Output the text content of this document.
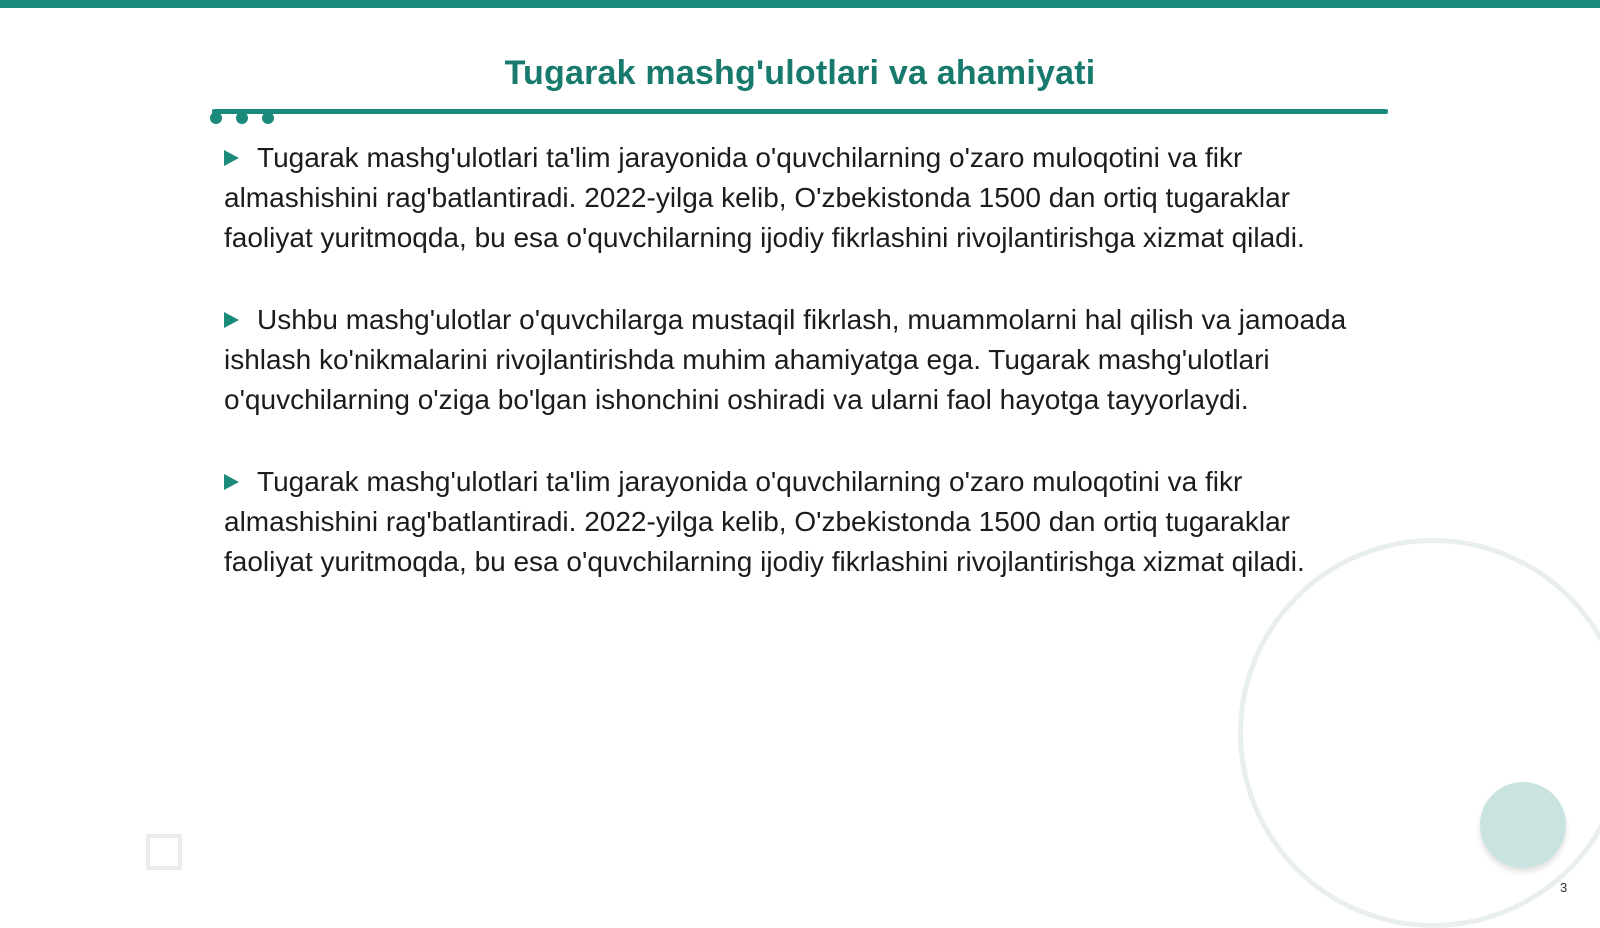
Tugarak mashg'ulotlari va ahamiyati

Tugarak mashg'ulotlari ta'lim jarayonida o'quvchilarning o'zaro muloqotini va fikr almashishini rag'batlantiradi. 2022-yilga kelib, O'zbekistonda 1500 dan ortiq tugaraklar faoliyat yuritmoqda, bu esa o'quvchilarning ijodiy fikrlashini rivojlantirishga xizmat qiladi.

Ushbu mashg'ulotlar o'quvchilarga mustaqil fikrlash, muammolarni hal qilish va jamoada ishlash ko'nikmalarini rivojlantirishda muhim ahamiyatga ega. Tugarak mashg'ulotlari o'quvchilarning o'ziga bo'lgan ishonchini oshiradi va ularni faol hayotga tayyorlaydi.

Tugarak mashg'ulotlari ta'lim jarayonida o'quvchilarning o'zaro muloqotini va fikr almashishini rag'batlantiradi. 2022-yilga kelib, O'zbekistonda 1500 dan ortiq tugaraklar faoliyat yuritmoqda, bu esa o'quvchilarning ijodiy fikrlashini rivojlantirishga xizmat qiladi.

3
